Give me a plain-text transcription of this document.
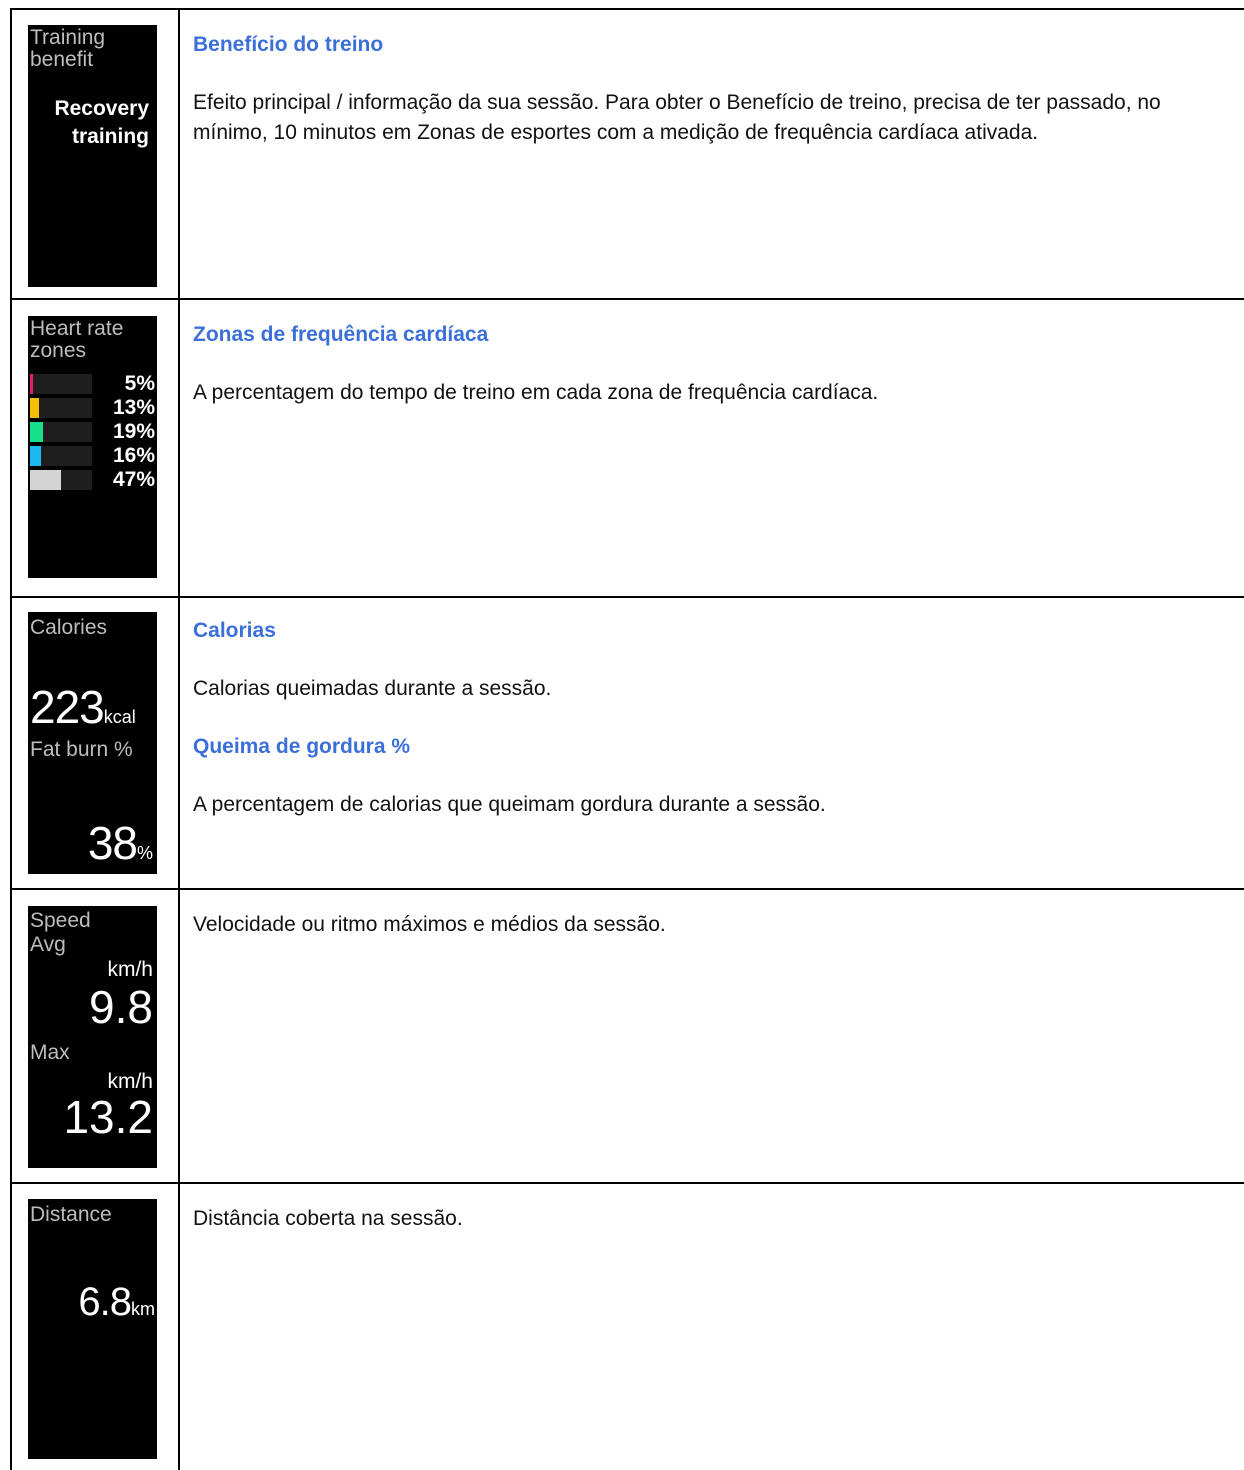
Training
benefit
Recovery
training
Benefício do treino
Efeito principal / informação da sua sessão. Para obter o Benefício de treino, precisa de ter passado, no mínimo, 10 minutos em Zonas de esportes com a medição de frequência cardíaca ativada.
Heart rate
zones
5%
13%
19%
16%
47%
Zonas de frequência cardíaca
A percentagem do tempo de treino em cada zona de frequência cardíaca.
Calories
223kcal
Fat burn %
38%
Calorias
Calorias queimadas durante a sessão.
Queima de gordura %
A percentagem de calorias que queimam gordura durante a sessão.
Speed
Avg
km/h
9.8
Max
km/h
13.2
Velocidade ou ritmo máximos e médios da sessão.
Distance
6.8km
Distância coberta na sessão.
